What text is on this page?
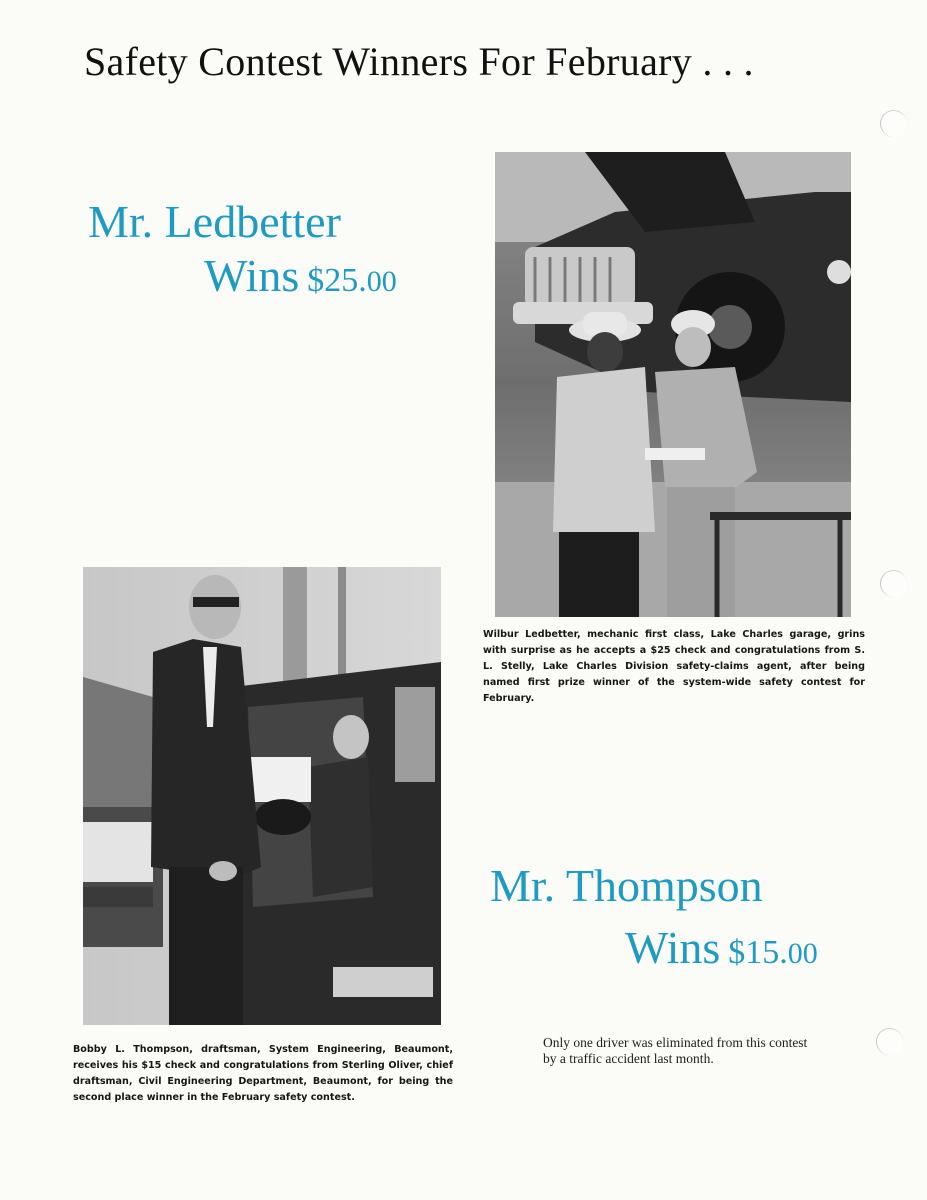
Safety Contest Winners For February . . .
Mr. Ledbetter
Wins $25.00

Wilbur Ledbetter, mechanic first class, Lake Charles garage, grins with surprise as he accepts a $25 check and congratulations from S. L. Stelly, Lake Charles Division safety-claims agent, after being named first prize winner of the system-wide safety contest for February.

Bobby L. Thompson, draftsman, System Engineering, Beaumont, receives his $15 check and congratulations from Sterling Oliver, chief draftsman, Civil Engineering Department, Beaumont, for being the second place winner in the February safety contest.

Mr. Thompson
Wins $15.00

Only one driver was eliminated from this contest by a traffic accident last month.
